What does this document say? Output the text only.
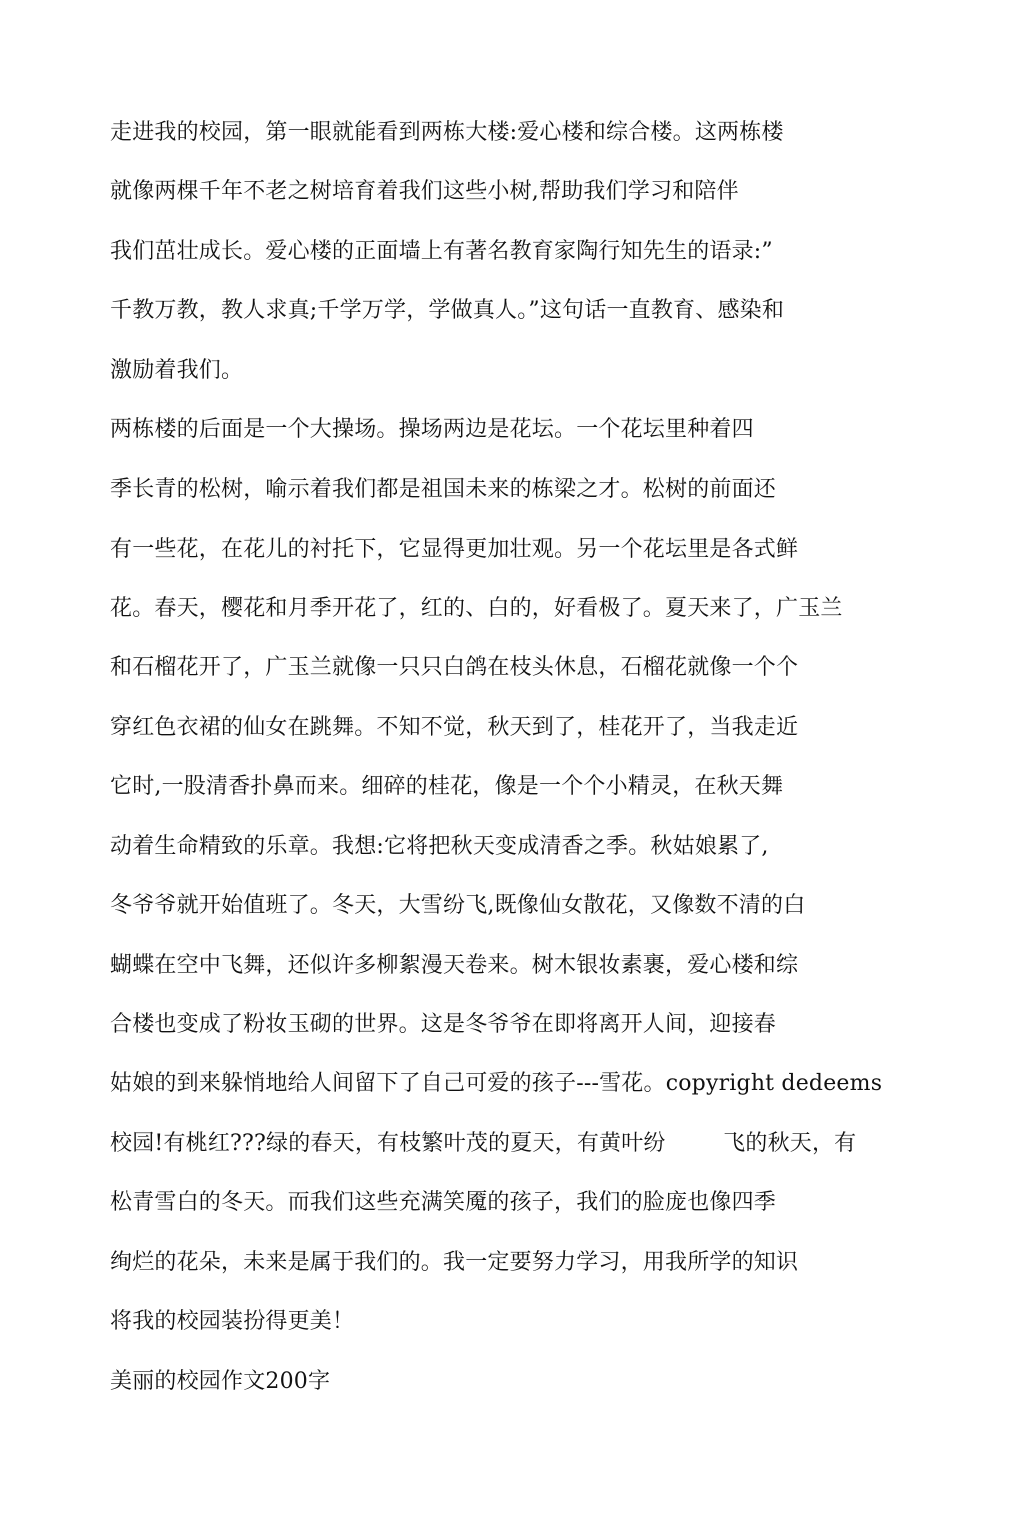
走进我的校园，第一眼就能看到两栋大楼:爱心楼和综合楼。这两栋楼
就像两棵千年不老之树培育着我们这些小树,帮助我们学习和陪伴
我们茁壮成长。爱心楼的正面墙上有著名教育家陶行知先生的语录:”
千教万教，教人求真;千学万学，学做真人。”这句话一直教育、感染和
激励着我们。
两栋楼的后面是一个大操场。操场两边是花坛。一个花坛里种着四
季长青的松树，喻示着我们都是祖国未来的栋梁之才。松树的前面还
有一些花，在花儿的衬托下，它显得更加壮观。另一个花坛里是各式鲜
花。春天，樱花和月季开花了，红的、白的，好看极了。夏天来了，广玉兰
和石榴花开了，广玉兰就像一只只白鸽在枝头休息，石榴花就像一个个
穿红色衣裙的仙女在跳舞。不知不觉，秋天到了，桂花开了，当我走近
它时,一股清香扑鼻而来。细碎的桂花，像是一个个小精灵，在秋天舞
动着生命精致的乐章。我想:它将把秋天变成清香之季。秋姑娘累了,
冬爷爷就开始值班了。冬天，大雪纷飞,既像仙女散花，又像数不清的白
蝴蝶在空中飞舞，还似许多柳絮漫天卷来。树木银妆素裹，爱心楼和综
合楼也变成了粉妆玉砌的世界。这是冬爷爷在即将离开人间，迎接春
姑娘的到来躲悄地给人间留下了自己可爱的孩子---雪花。copyright dedeems
校园!有桃红???绿的春天，有枝繁叶茂的夏天，有黄叶纷        飞的秋天，有
松青雪白的冬天。而我们这些充满笑魇的孩子，我们的脸庞也像四季
绚烂的花朵，未来是属于我们的。我一定要努力学习，用我所学的知识
将我的校园装扮得更美！
美丽的校园作文200字
